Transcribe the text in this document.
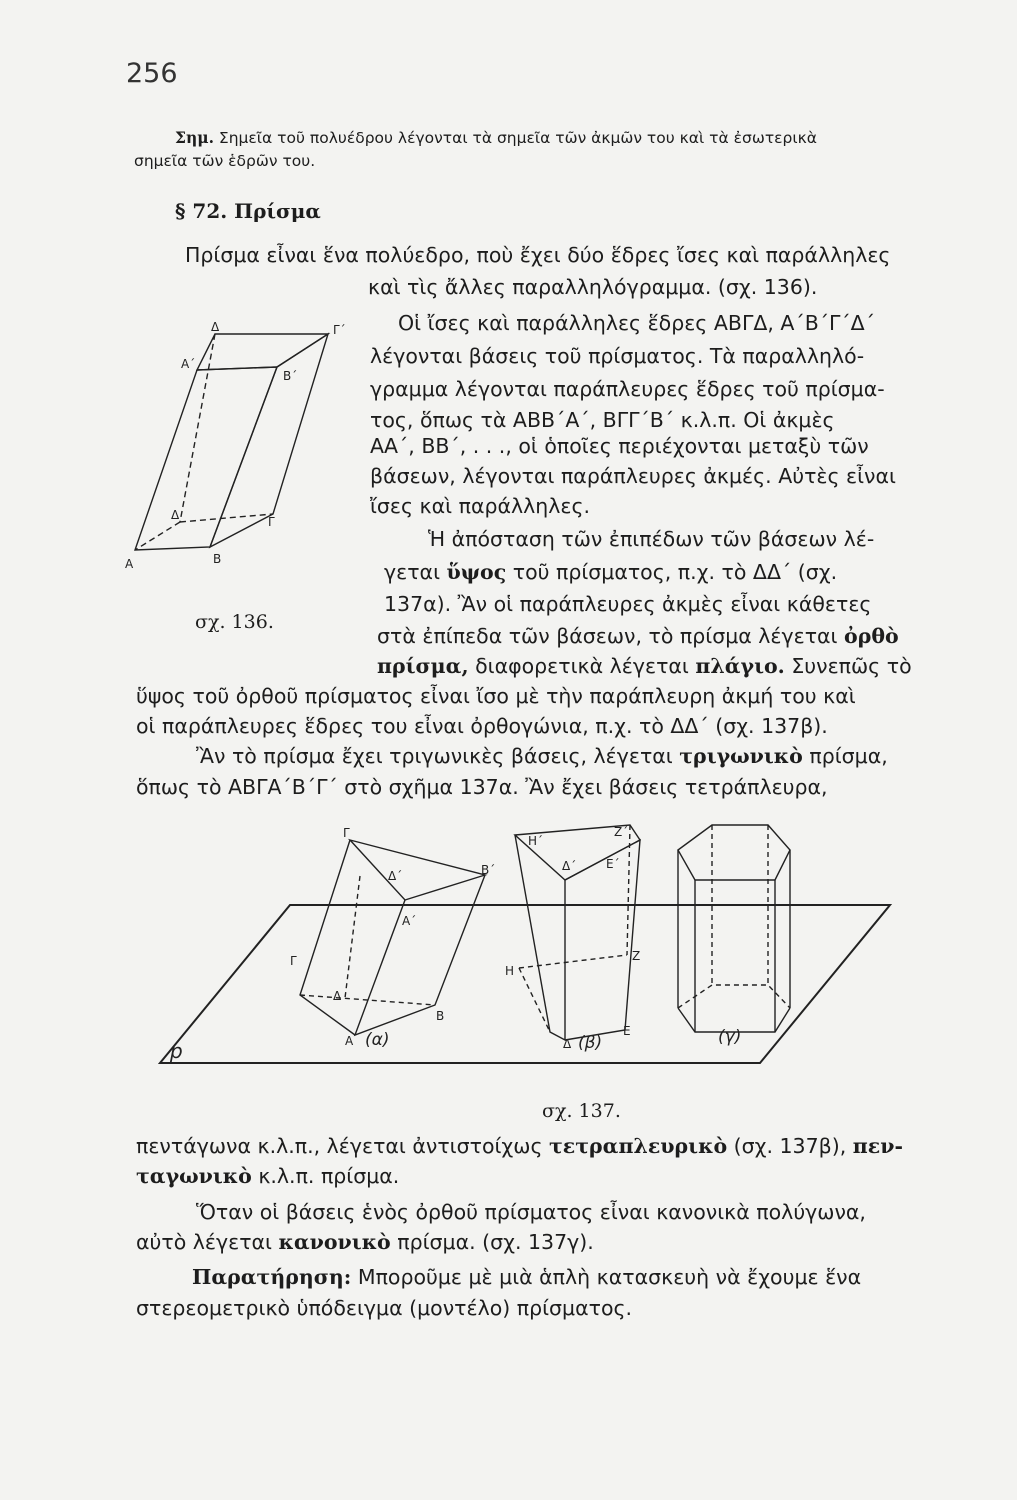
256
Σημ. Σημεῖα τοῦ πολυέδρου λέγονται τὰ σημεῖα τῶν ἀκμῶν του καὶ τὰ ἐσωτερικὰ
σημεῖα τῶν ἑδρῶν του.
§ 72. Πρίσμα
Πρίσμα εἶναι ἕνα πολύεδρο, ποὺ ἔχει δύο ἕδρες ἴσες καὶ παράλληλες
καὶ τὶς ἄλλες παραλληλόγραμμα. (σχ. 136).
Οἱ ἴσες καὶ παράλληλες ἕδρες ΑΒΓΔ, Α΄Β΄Γ΄Δ΄
λέγονται βάσεις τοῦ πρίσματος. Τὰ παραλληλό-
γραμμα λέγονται παράπλευρες ἕδρες τοῦ πρίσμα-
τος, ὅπως τὰ ΑΒΒ΄Α΄, ΒΓΓ΄Β΄ κ.λ.π. Οἱ ἀκμὲς
ΑΑ΄, ΒΒ΄, . . ., οἱ ὁποῖες περιέχονται μεταξὺ τῶν
βάσεων, λέγονται παράπλευρες ἀκμές. Αὐτὲς εἶναι
ἴσες καὶ παράλληλες.
Ἡ ἀπόσταση τῶν ἐπιπέδων τῶν βάσεων λέ-
γεται ὕψος τοῦ πρίσματος, π.χ. τὸ ΔΔ΄ (σχ.
137α). Ἂν οἱ παράπλευρες ἀκμὲς εἶναι κάθετες
στὰ ἐπίπεδα τῶν βάσεων, τὸ πρίσμα λέγεται ὀρθὸ
πρίσμα, διαφορετικὰ λέγεται πλάγιο. Συνεπῶς τὸ
ὕψος τοῦ ὀρθοῦ πρίσματος εἶναι ἴσο μὲ τὴν παράπλευρη ἀκμή του καὶ
οἱ παράπλευρες ἕδρες του εἶναι ὀρθογώνια, π.χ. τὸ ΔΔ΄ (σχ. 137β).
Ἂν τὸ πρίσμα ἔχει τριγωνικὲς βάσεις, λέγεται τριγωνικὸ πρίσμα,
ὅπως τὸ ΑΒΓΑ΄Β΄Γ΄ στὸ σχῆμα 137α. Ἂν ἔχει βάσεις τετράπλευρα,
Δ	Γ΄
Α΄
Β΄
Δ	Γ
Α	Β
σχ. 136.
p
Γ
Δ΄	Β΄
Α΄
Γ
Δ
Β
Α (α)
Η΄
Ζ΄
Δ΄ Ε΄
Η
Ζ
Δ
Ε
(β)	(γ)
σχ. 137.
πεντάγωνα κ.λ.π., λέγεται ἀντιστοίχως τετραπλευρικὸ (σχ. 137β), πεν-
ταγωνικὸ κ.λ.π. πρίσμα.
Ὅταν οἱ βάσεις ἑνὸς ὀρθοῦ πρίσματος εἶναι κανονικὰ πολύγωνα,
αὐτὸ λέγεται κανονικὸ πρίσμα. (σχ. 137γ).
Παρατήρηση: Μποροῦμε μὲ μιὰ ἁπλὴ κατασκευὴ νὰ ἔχουμε ἕνα
στερεομετρικὸ ὑπόδειγμα (μοντέλο) πρίσματος.
